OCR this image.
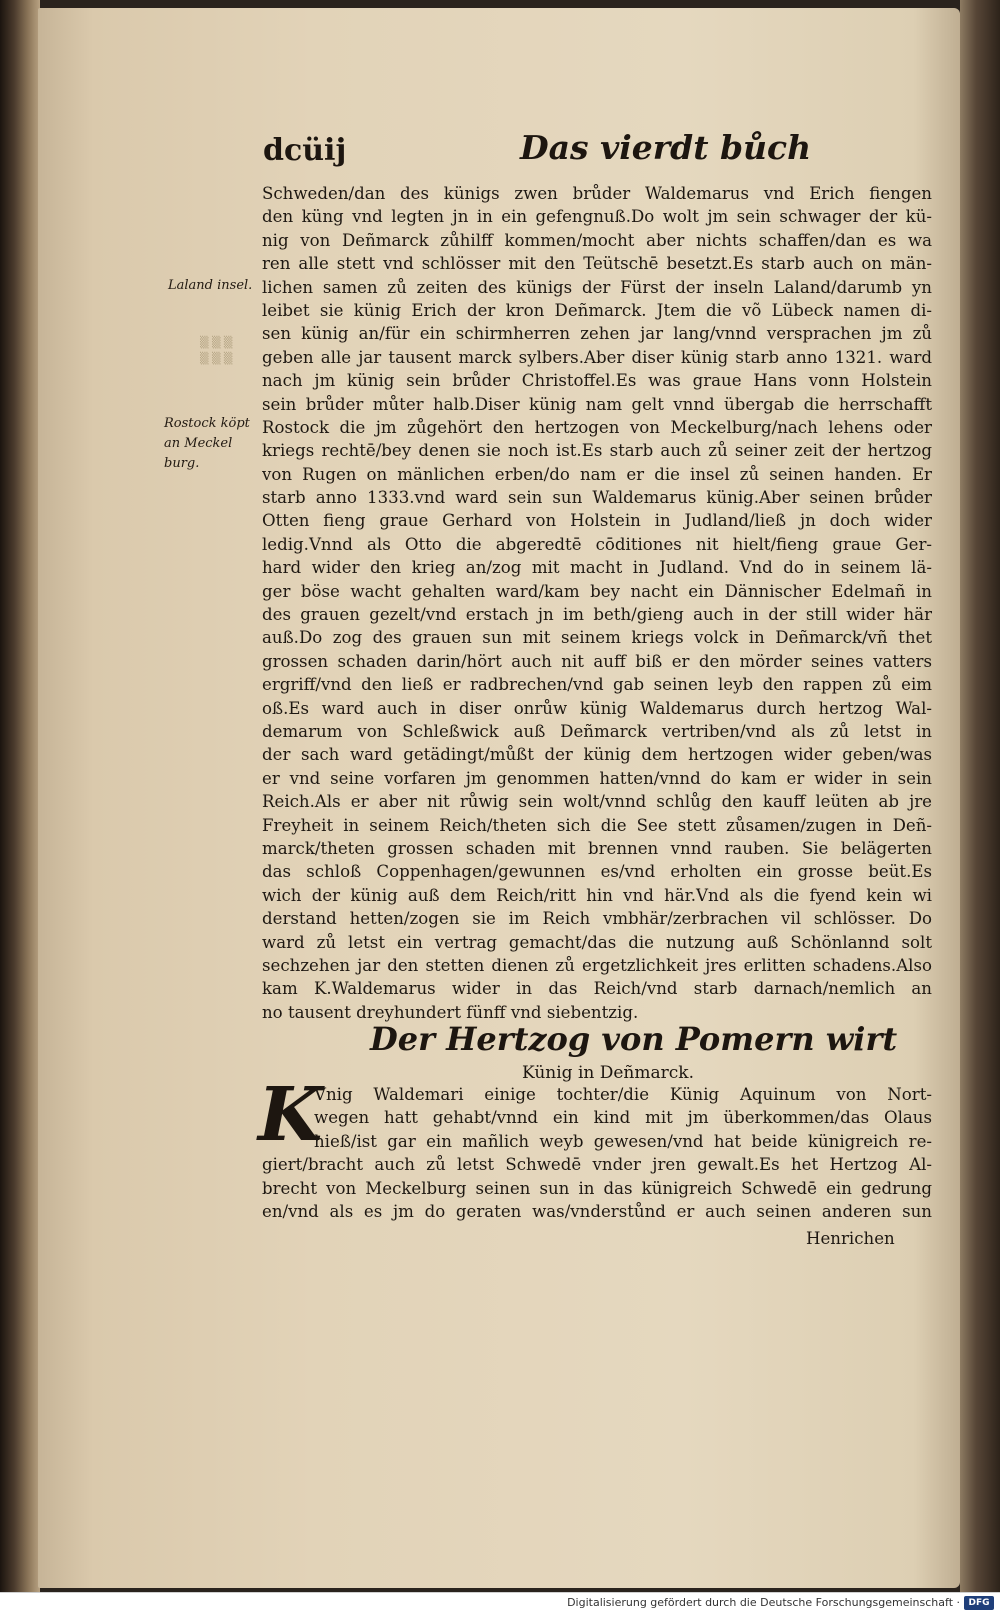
▒ ▒ ▒
▒ ▒ ▒
dcüij	Das vierdt bůch
Laland insel.
Rostock köpt
an Meckel
burg.
Schweden/dan des künigs zwen brůder Waldemarus vnd Erich fiengen
den küng vnd legten jn in ein gefengnuß.Do wolt jm sein schwager der kü-
nig von Deñmarck zůhilff kommen/mocht aber nichts schaffen/dan es wa
ren alle stett vnd schlösser mit den Teütschē besetzt.Es starb auch on män-
lichen samen zů zeiten des künigs der Fürst der inseln Laland/darumb yn
leibet sie künig Erich der kron Deñmarck. Jtem die võ Lübeck namen di-
sen künig an/für ein schirmherren zehen jar lang/vnnd versprachen jm zů
geben alle jar tausent marck sylbers.Aber diser künig starb anno 1321. ward
nach jm künig sein brůder Christoffel.Es was graue Hans vonn Holstein
sein brůder můter halb.Diser künig nam gelt vnnd übergab die herrschafft
Rostock die jm zůgehört den hertzogen von Meckelburg/nach lehens oder
kriegs rechtē/bey denen sie noch ist.Es starb auch zů seiner zeit der hertzog
von Rugen on mänlichen erben/do nam er die insel zů seinen handen. Er
starb anno 1333.vnd ward sein sun Waldemarus künig.Aber seinen brůder
Otten fieng graue Gerhard von Holstein in Judland/ließ jn doch wider
ledig.Vnnd als Otto die abgeredtē cōditiones nit hielt/fieng graue Ger-
hard wider den krieg an/zog mit macht in Judland. Vnd do in seinem lä-
ger böse wacht gehalten ward/kam bey nacht ein Dännischer Edelmañ in
des grauen gezelt/vnd erstach jn im beth/gieng auch in der still wider här
auß.Do zog des grauen sun mit seinem kriegs volck in Deñmarck/vñ thet
grossen schaden darin/hört auch nit auff biß er den mörder seines vatters
ergriff/vnd den ließ er radbrechen/vnd gab seinen leyb den rappen zů eim
oß.Es ward auch in diser onrůw künig Waldemarus durch hertzog Wal-
demarum von Schleßwick auß Deñmarck vertriben/vnd als zů letst in
der sach ward getädingt/můßt der künig dem hertzogen wider geben/was
er vnd seine vorfaren jm genommen hatten/vnnd do kam er wider in sein
Reich.Als er aber nit růwig sein wolt/vnnd schlůg den kauff leüten ab jre
Freyheit in seinem Reich/theten sich die See stett zůsamen/zugen in Deñ-
marck/theten grossen schaden mit brennen vnnd rauben. Sie belägerten
das schloß Coppenhagen/gewunnen es/vnd erholten ein grosse beüt.Es
wich der künig auß dem Reich/ritt hin vnd här.Vnd als die fyend kein wi
derstand hetten/zogen sie im Reich vmbhär/zerbrachen vil schlösser. Do
ward zů letst ein vertrag gemacht/das die nutzung auß Schönlannd solt
sechzehen jar den stetten dienen zů ergetzlichkeit jres erlitten schadens.Also
kam K.Waldemarus wider in das Reich/vnd starb darnach/nemlich an
no tausent dreyhundert fünff vnd siebentzig.
Der Hertzog von Pomern wirt
Künig in Deñmarck.
K
Vnig Waldemari einige tochter/die Künig Aquinum von Nort-
wegen hatt gehabt/vnnd ein kind mit jm überkommen/das Olaus
hieß/ist gar ein mañlich weyb gewesen/vnd hat beide künigreich re-
giert/bracht auch zů letst Schwedē vnder jren gewalt.Es het Hertzog Al-
brecht von Meckelburg seinen sun in das künigreich Schwedē ein gedrung
en/vnd als es jm do geraten was/vnderstůnd er auch seinen anderen sun
Henrichen
Digitalisierung gefördert durch die Deutsche Forschungsgemeinschaft · DFG
